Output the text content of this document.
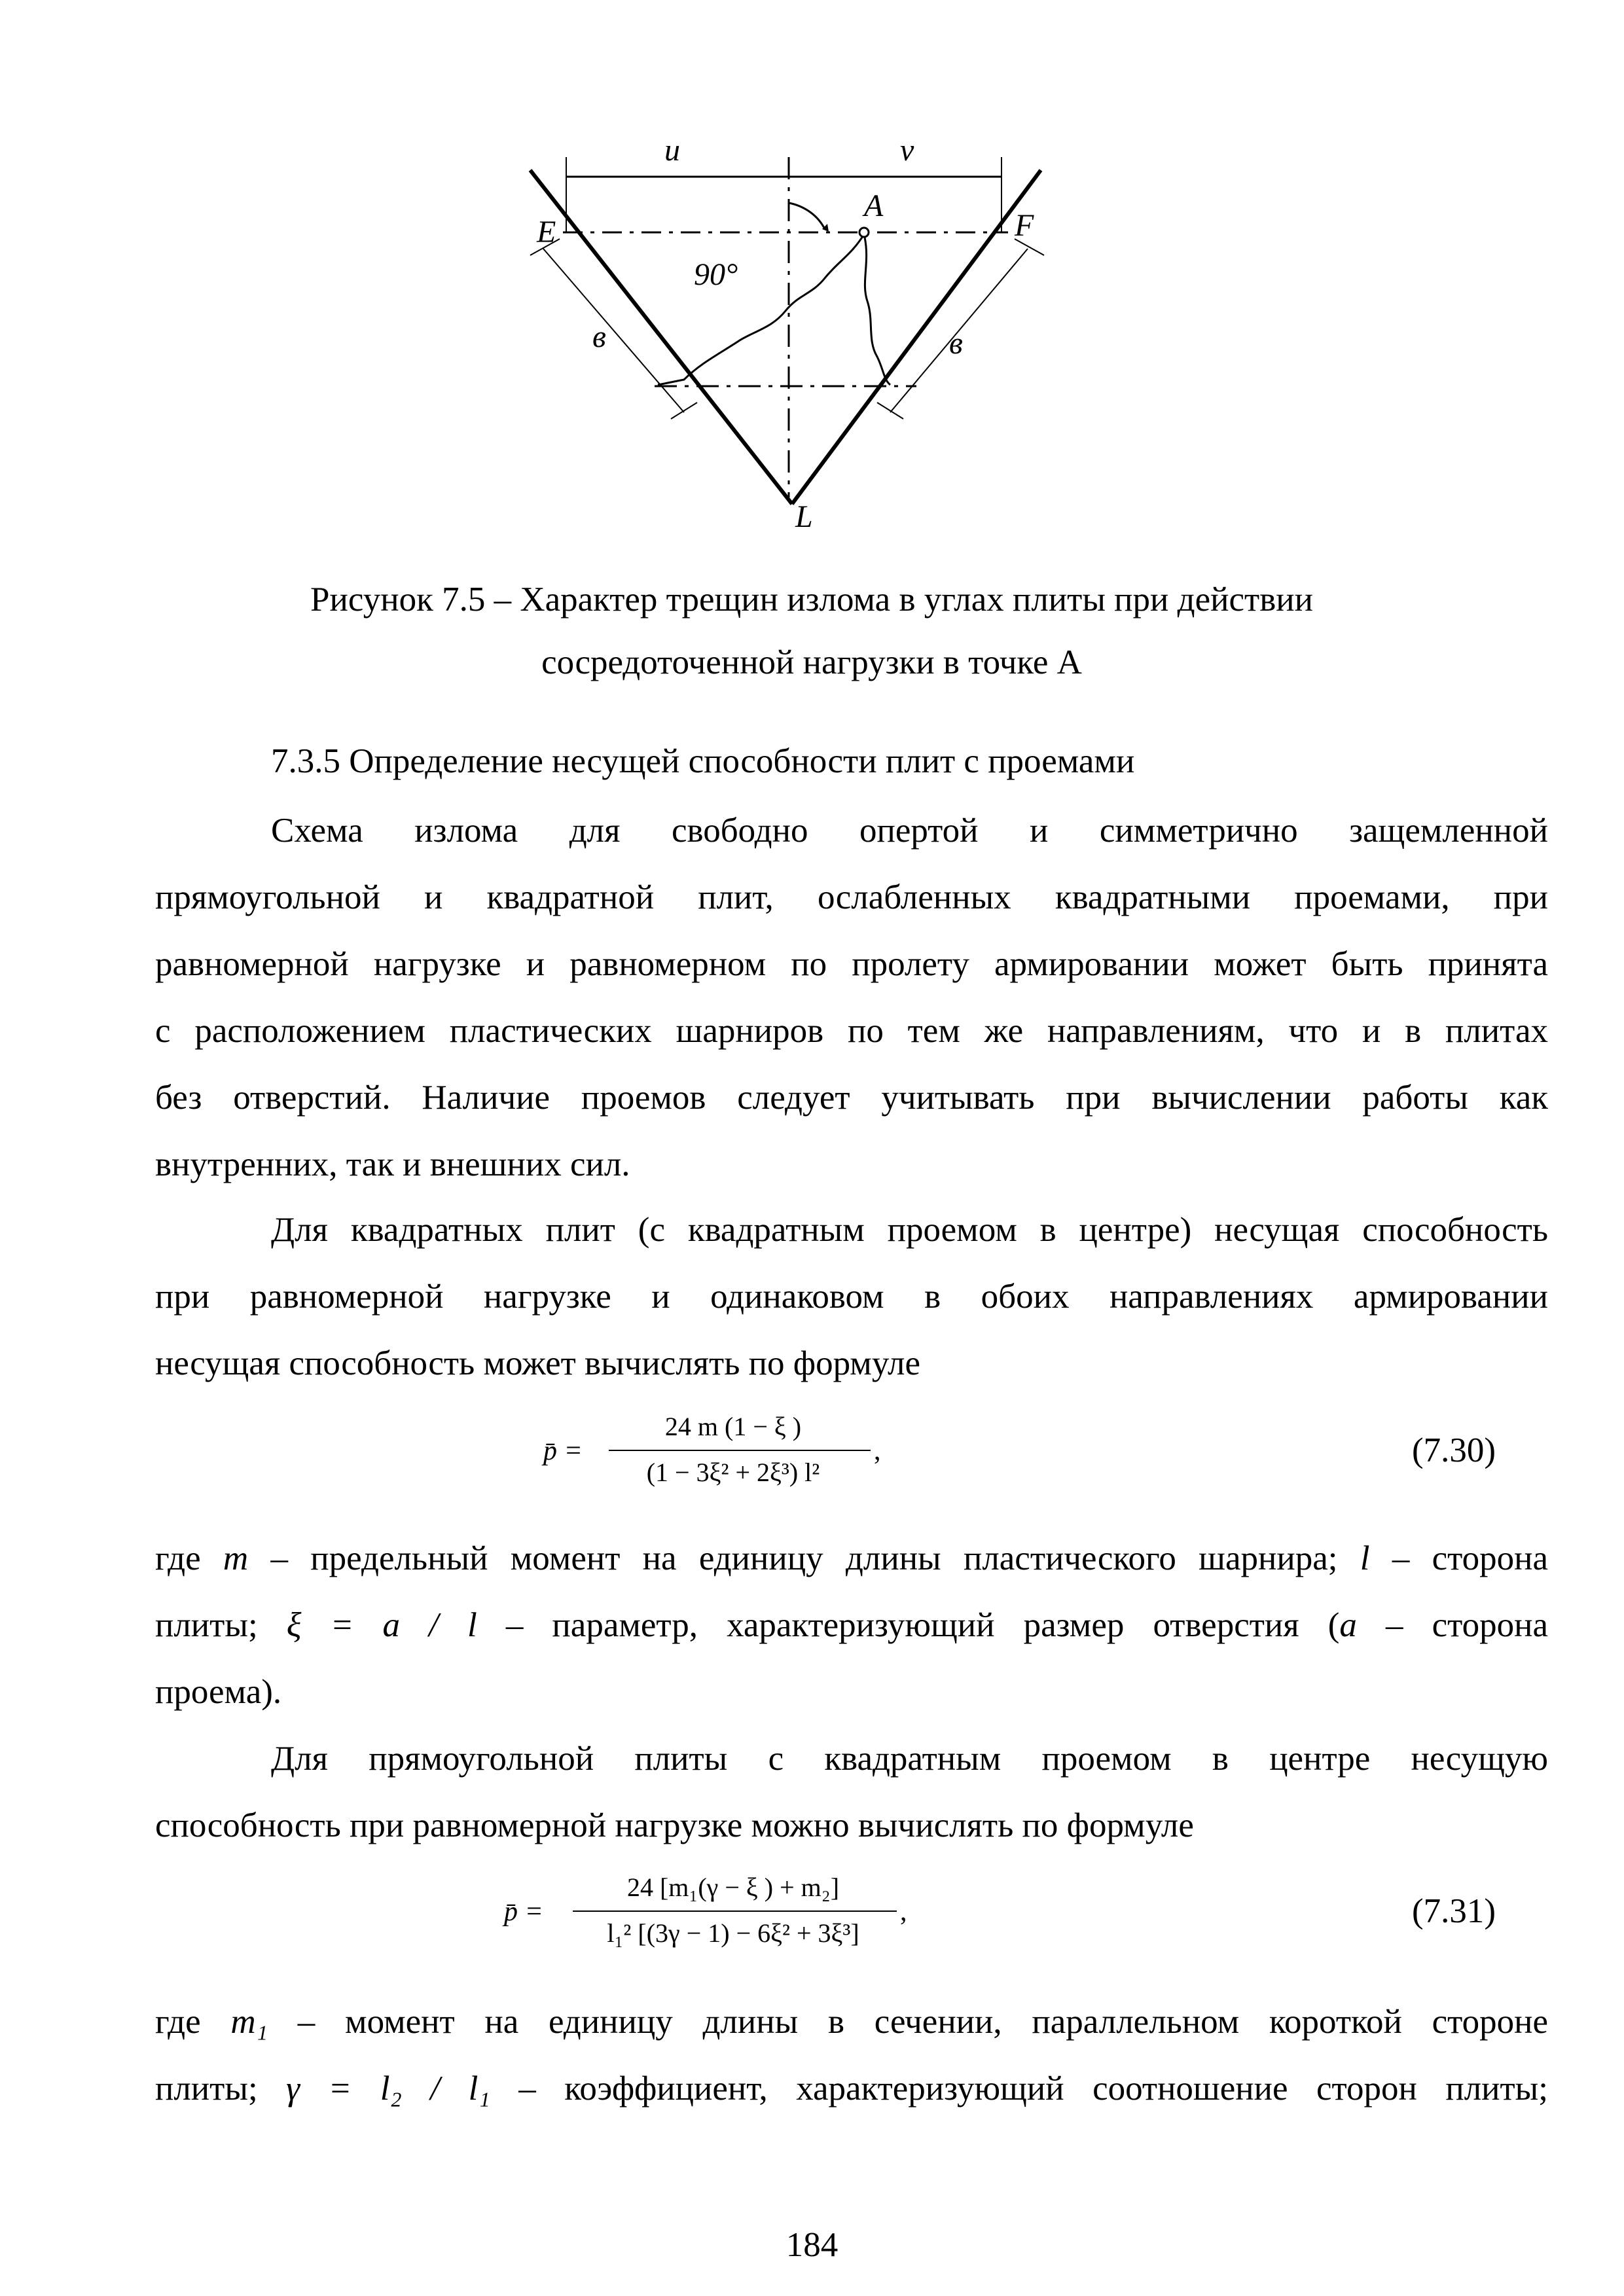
u	v
A
E	F
90°
в	в
L
Рисунок 7.5 – Характер трещин излома в углах плиты при действии
сосредоточенной нагрузки в точке А
7.3.5 Определение несущей способности плит с проемами
Схема излома для свободно опертой и симметрично защемленной
прямоугольной и квадратной плит, ослабленных квадратными проемами, при
равномерной нагрузке и равномерном по пролету армировании может быть принята
с расположением пластических шарниров по тем же направлениям, что и в плитах
без отверстий. Наличие проемов следует учитывать при вычислении работы как
внутренних, так и внешних сил.
Для квадратных плит (с квадратным проемом в центре) несущая способность
при равномерной нагрузке и одинаковом в обоих направлениях армировании
несущая способность может вычислять по формуле
p̄ =
24 m (1 − ξ )
(1 − 3ξ² + 2ξ³) l²
,	(7.30)
где m – предельный момент на единицу длины пластического шарнира; l – сторона
плиты; ξ = a / l – параметр, характеризующий размер отверстия (a – сторона
проема).
Для прямоугольной плиты с квадратным проемом в центре несущую
способность при равномерной нагрузке можно вычислять по формуле
p̄ =
24 [m₁(γ − ξ ) + m₂]
l₁² [(3γ − 1) − 6ξ² + 3ξ³]
,	(7.31)
где m₁ – момент на единицу длины в сечении, параллельном короткой стороне
плиты; γ = l₂ / l₁ – коэффициент, характеризующий соотношение сторон плиты;
184
